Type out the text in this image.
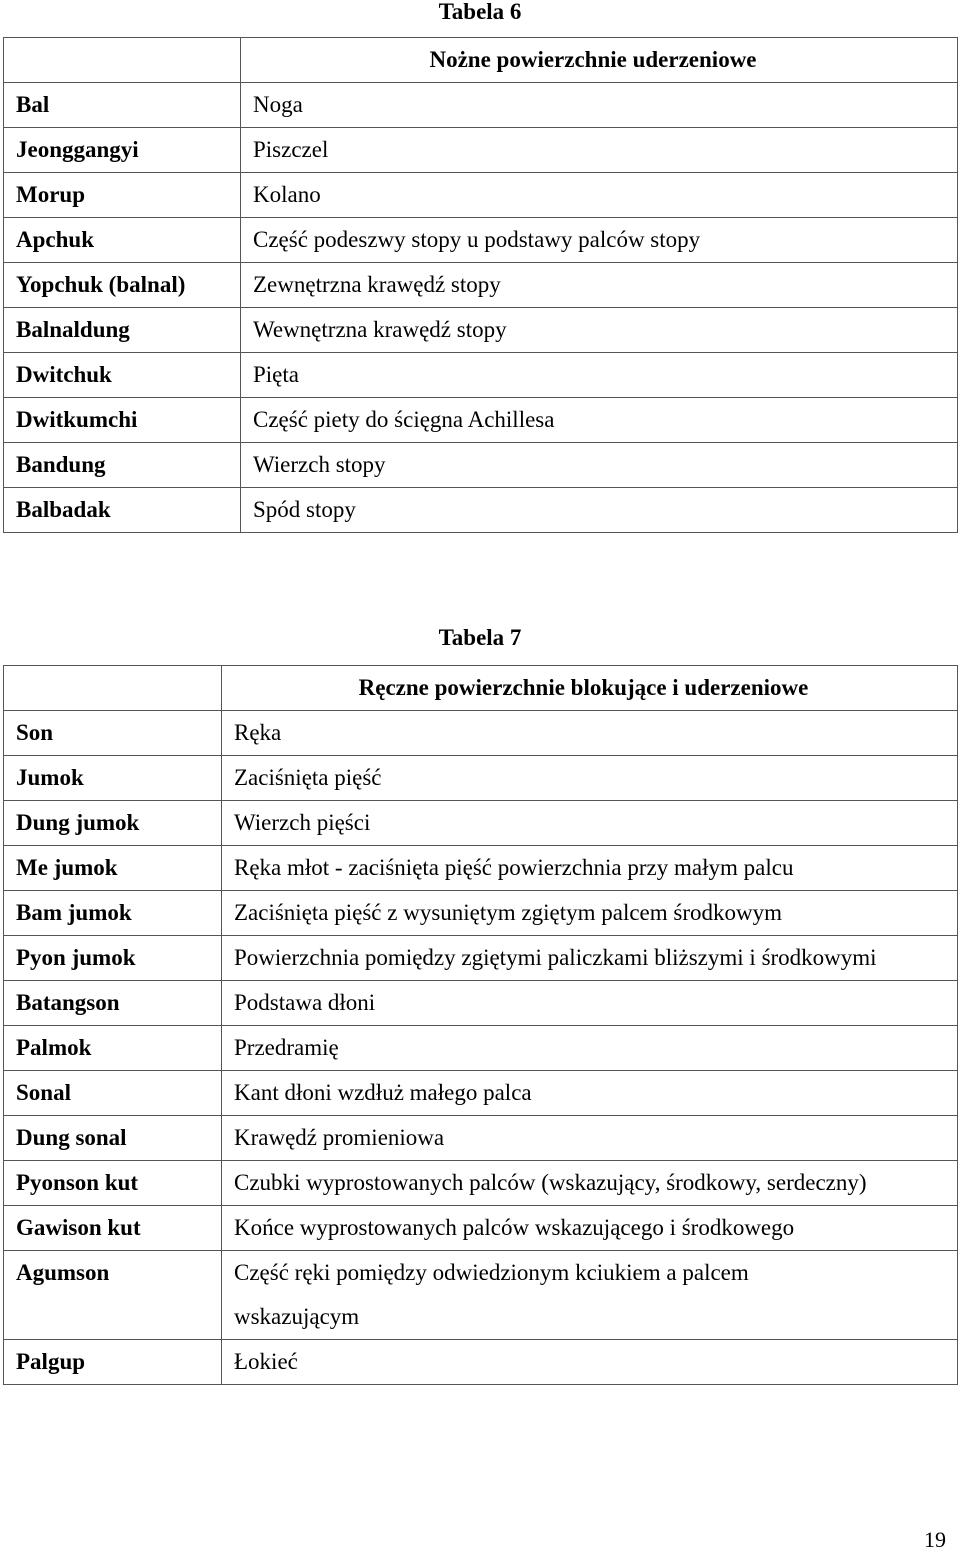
Tabela 6
	Nożne powierzchnie uderzeniowe
Bal	Noga
Jeonggangyi	Piszczel
Morup	Kolano
Apchuk	Część podeszwy stopy u podstawy palców stopy
Yopchuk (balnal)	Zewnętrzna krawędź stopy
Balnaldung	Wewnętrzna krawędź stopy
Dwitchuk	Pięta
Dwitkumchi	Część piety do ścięgna Achillesa
Bandung	Wierzch stopy
Balbadak	Spód stopy
Tabela 7
	Ręczne powierzchnie blokujące i uderzeniowe
Son	Ręka
Jumok	Zaciśnięta pięść
Dung jumok	Wierzch pięści
Me jumok	Ręka młot - zaciśnięta pięść powierzchnia przy małym palcu
Bam jumok	Zaciśnięta pięść z wysuniętym zgiętym palcem środkowym
Pyon jumok	Powierzchnia pomiędzy zgiętymi paliczkami bliższymi i środkowymi
Batangson	Podstawa dłoni
Palmok	Przedramię
Sonal	Kant dłoni wzdłuż małego palca
Dung sonal	Krawędź promieniowa
Pyonson kut	Czubki wyprostowanych palców (wskazujący, środkowy, serdeczny)
Gawison kut	Końce wyprostowanych palców wskazującego i środkowego
Agumson	Część ręki pomiędzy odwiedzionym kciukiem a palcem wskazującym
Palgup	Łokieć
19
